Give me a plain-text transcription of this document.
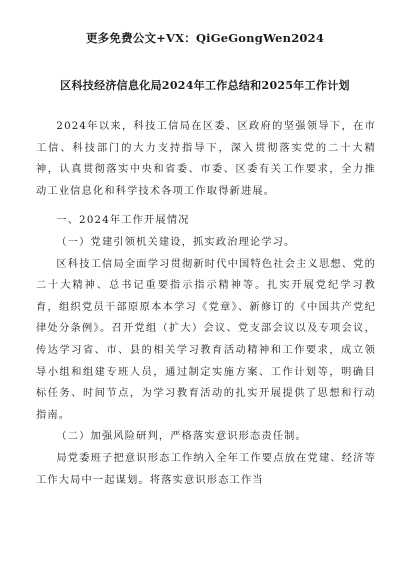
更多免费公文+VX：QiGeGongWen2024
区科技经济信息化局2024年工作总结和2025年工作计划

2024年以来，科技工信局在区委、区政府的坚强领导下，在市工信、科技部门的大力支持指导下，深入贯彻落实党的二十大精神，认真贯彻落实中央和省委、市委、区委有关工作要求，全力推动工业信息化和科学技术各项工作取得新进展。

一、2024年工作开展情况

（一）党建引领机关建设，抓实政治理论学习。

区科技工信局全面学习贯彻新时代中国特色社会主义思想、党的二十大精神、总书记重要指示指示精神等。扎实开展党纪学习教育，组织党员干部原原本本学习《党章》、新修订的《中国共产党纪律处分条例》。召开党组（扩大）会议、党支部会议以及专项会议，传达学习省、市、县的相关学习教育活动精神和工作要求，成立领导小组和组建专班人员，通过制定实施方案、工作计划等，明确目标任务、时间节点，为学习教育活动的扎实开展提供了思想和行动指南。

（二）加强风险研判，严格落实意识形态责任制。

局党委班子把意识形态工作纳入全年工作要点放在党建、经济等工作大局中一起谋划。将落实意识形态工作当
